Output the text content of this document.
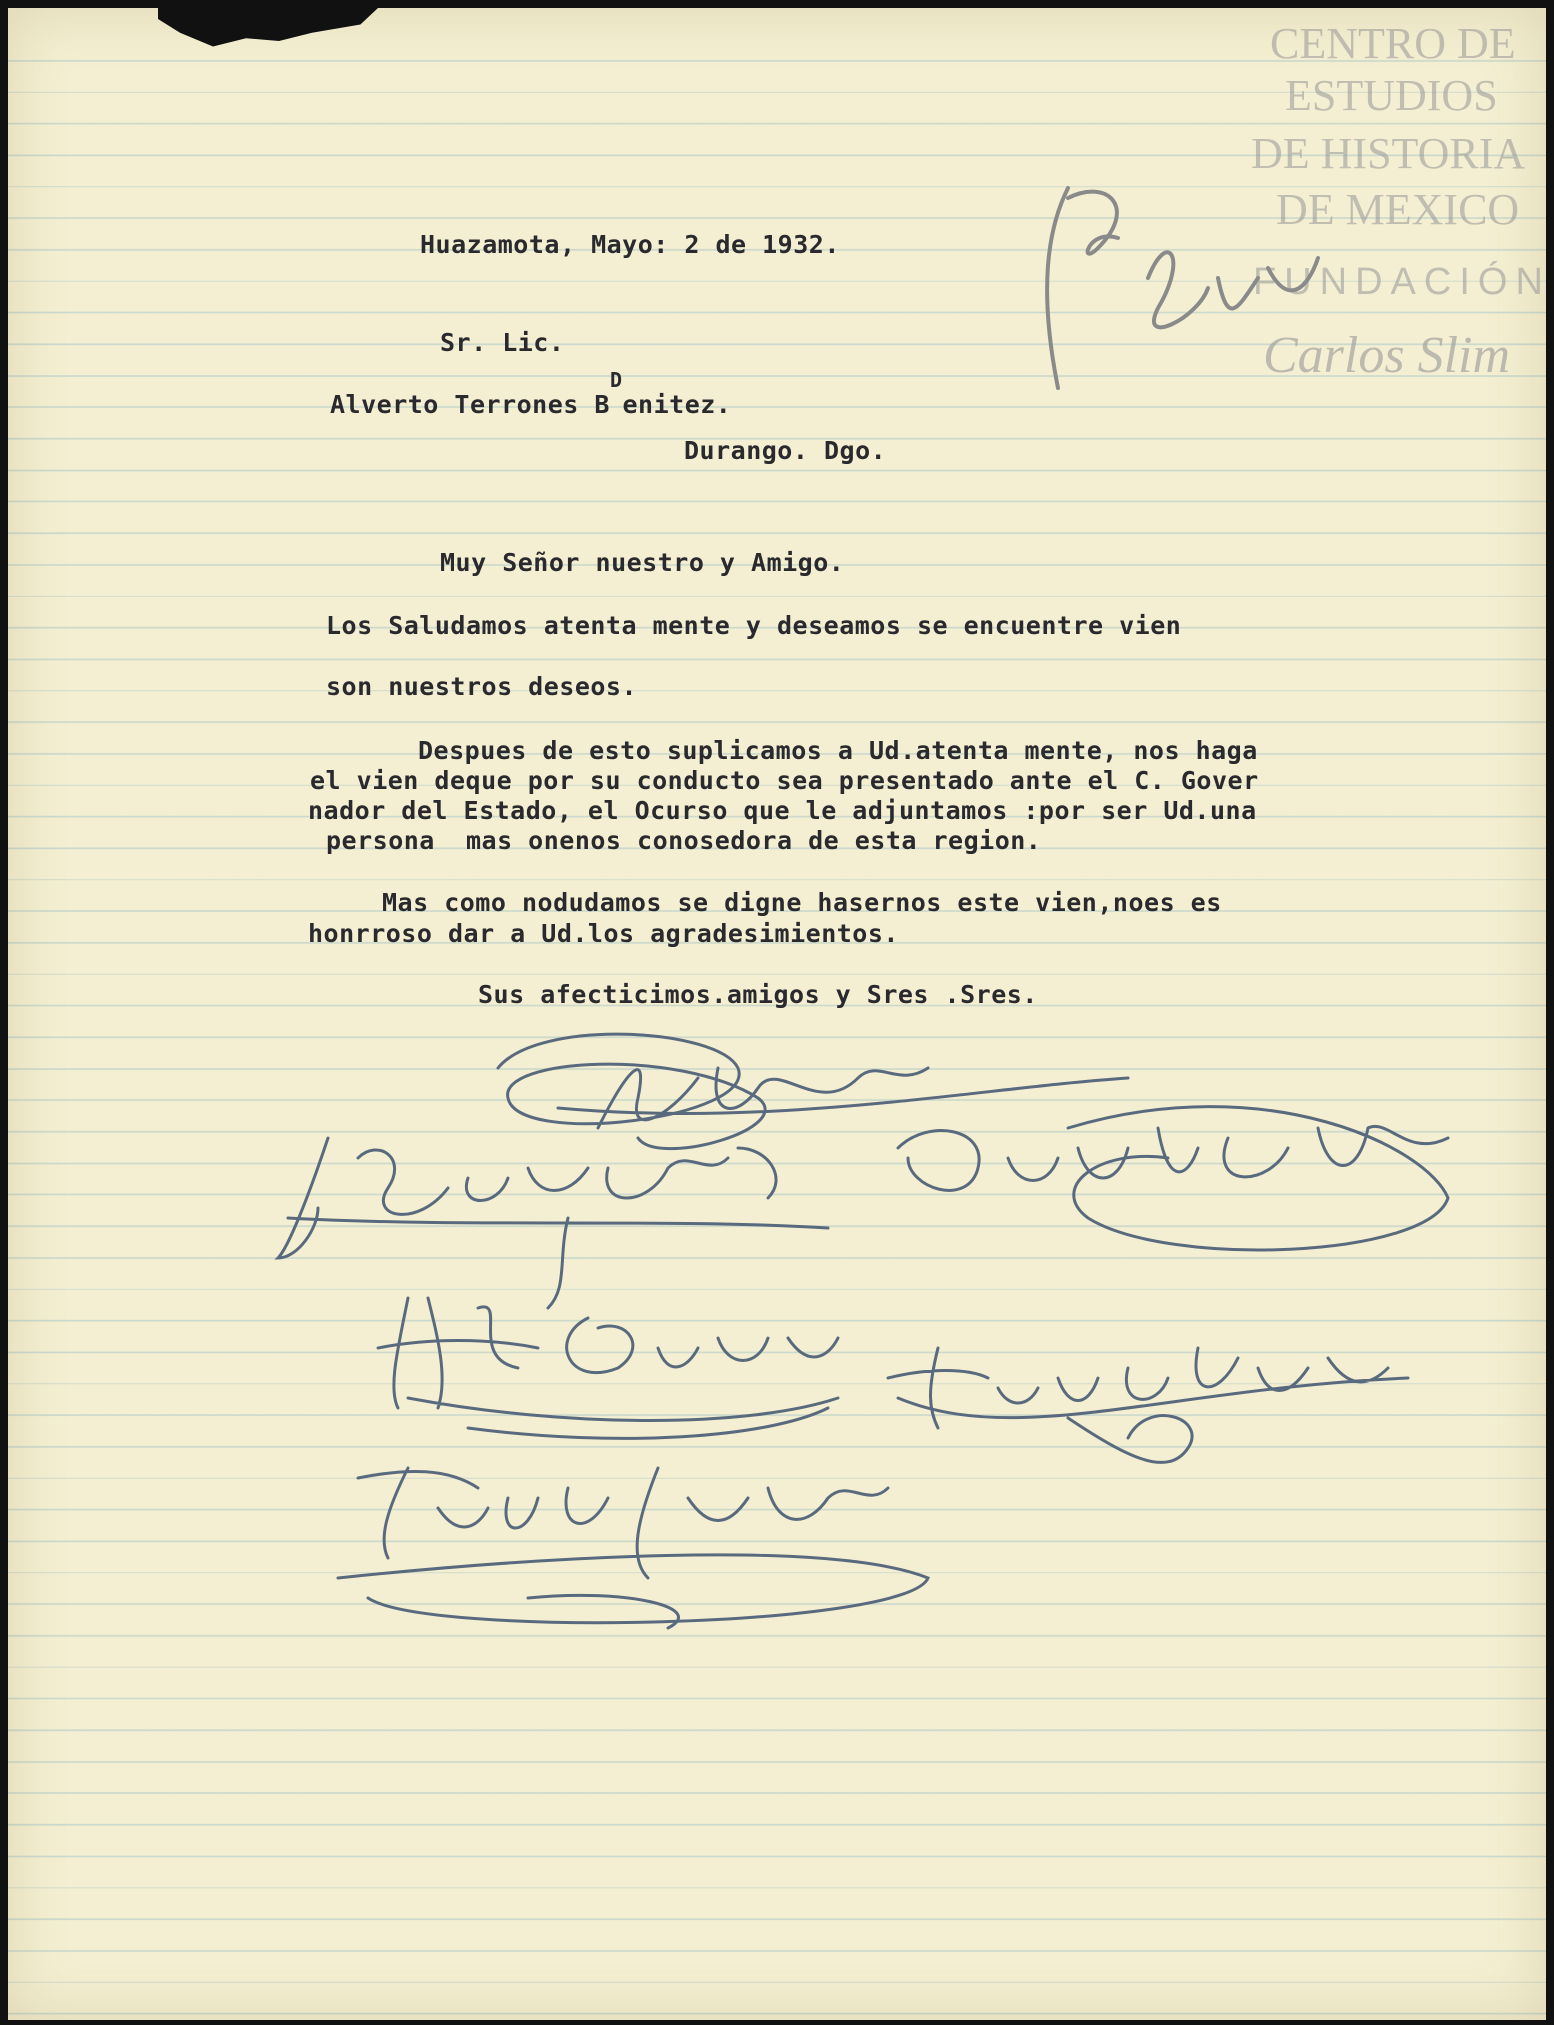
CENTRO DE
ESTUDIOS
DE HISTORIA
DE MEXICO
FUNDACIÓN
Carlos Slim
Huazamota, Mayo: 2 de 1932.
Sr. Lic.
Alverto Terrones $B^Denitez$.
Durango. Dgo.
Muy Señor nuestro y Amigo.
Los Saludamos atenta mente y deseamos se encuentre vien
son nuestros deseos.
Despues de esto suplicamos a Ud.atenta mente, nos haga
el vien deque por su conducto sea presentado ante el C. Gover
nador del Estado, el Ocurso que le adjuntamos :por ser Ud.una
persona  mas onenos conosedora de esta region.
Mas como nodudamos se digne hasernos este vien,noes es
honrroso dar a Ud.los agradesimientos.
Sus afecticimos.amigos y Sres .Sres.
